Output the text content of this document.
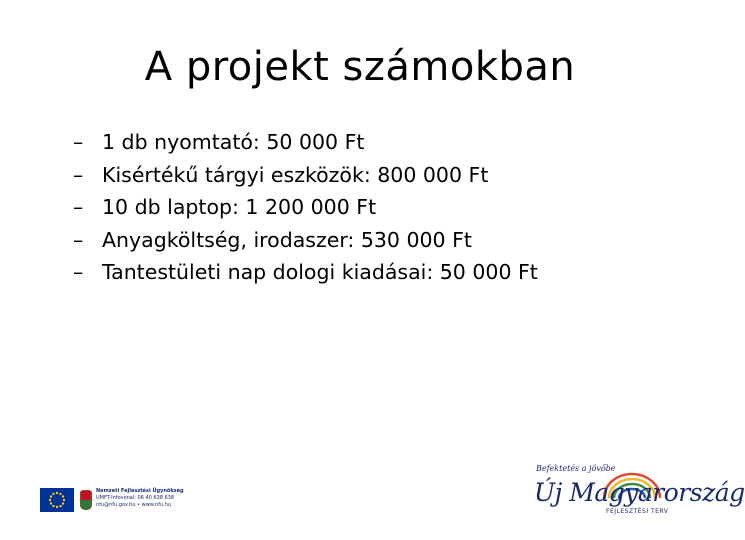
A projekt számokban
– 1 db nyomtató: 50 000 Ft
– Kisértékű tárgyi eszközök: 800 000 Ft
– 10 db laptop: 1 200 000 Ft
– Anyagköltség, irodaszer: 530 000 Ft
– Tantestületi nap dologi kiadásai: 50 000 Ft
Nemzeti Fejlesztési Ügynökség
UMFT-Infovonal: 06 40 638 638
nfu@nfu.gov.hu • www.nfu.hu
Befektetés a jövőbe
Új Magyarország
FEJLESZTÉSI TERV
